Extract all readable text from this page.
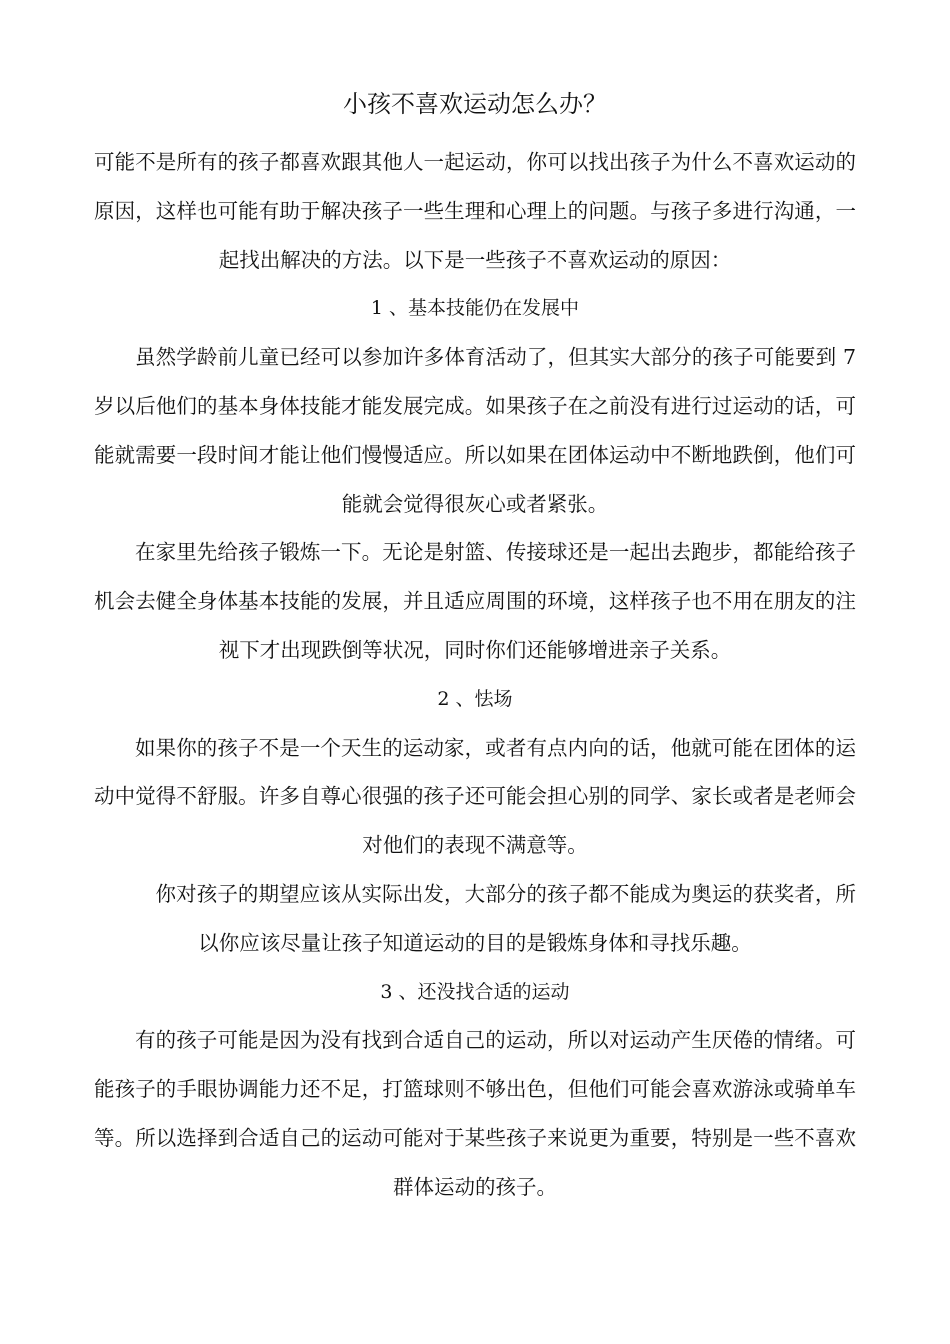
小孩不喜欢运动怎么办？

可能不是所有的孩子都喜欢跟其他人一起运动，你可以找出孩子为什么不喜欢运动的原因，这样也可能有助于解决孩子一些生理和心理上的问题。与孩子多进行沟通，一起找出解决的方法。以下是一些孩子不喜欢运动的原因：

1 、基本技能仍在发展中

虽然学龄前儿童已经可以参加许多体育活动了，但其实大部分的孩子可能要到 7 岁以后他们的基本身体技能才能发展完成。如果孩子在之前没有进行过运动的话，可能就需要一段时间才能让他们慢慢适应。所以如果在团体运动中不断地跌倒，他们可能就会觉得很灰心或者紧张。

在家里先给孩子锻炼一下。无论是射篮、传接球还是一起出去跑步，都能给孩子机会去健全身体基本技能的发展，并且适应周围的环境，这样孩子也不用在朋友的注视下才出现跌倒等状况，同时你们还能够增进亲子关系。

2 、怯场

如果你的孩子不是一个天生的运动家，或者有点内向的话，他就可能在团体的运动中觉得不舒服。许多自尊心很强的孩子还可能会担心别的同学、家长或者是老师会对他们的表现不满意等。

你对孩子的期望应该从实际出发，大部分的孩子都不能成为奥运的获奖者，所以你应该尽量让孩子知道运动的目的是锻炼身体和寻找乐趣。

3 、还没找合适的运动

有的孩子可能是因为没有找到合适自己的运动，所以对运动产生厌倦的情绪。可能孩子的手眼协调能力还不足，打篮球则不够出色，但他们可能会喜欢游泳或骑单车等。所以选择到合适自己的运动可能对于某些孩子来说更为重要，特别是一些不喜欢群体运动的孩子。
